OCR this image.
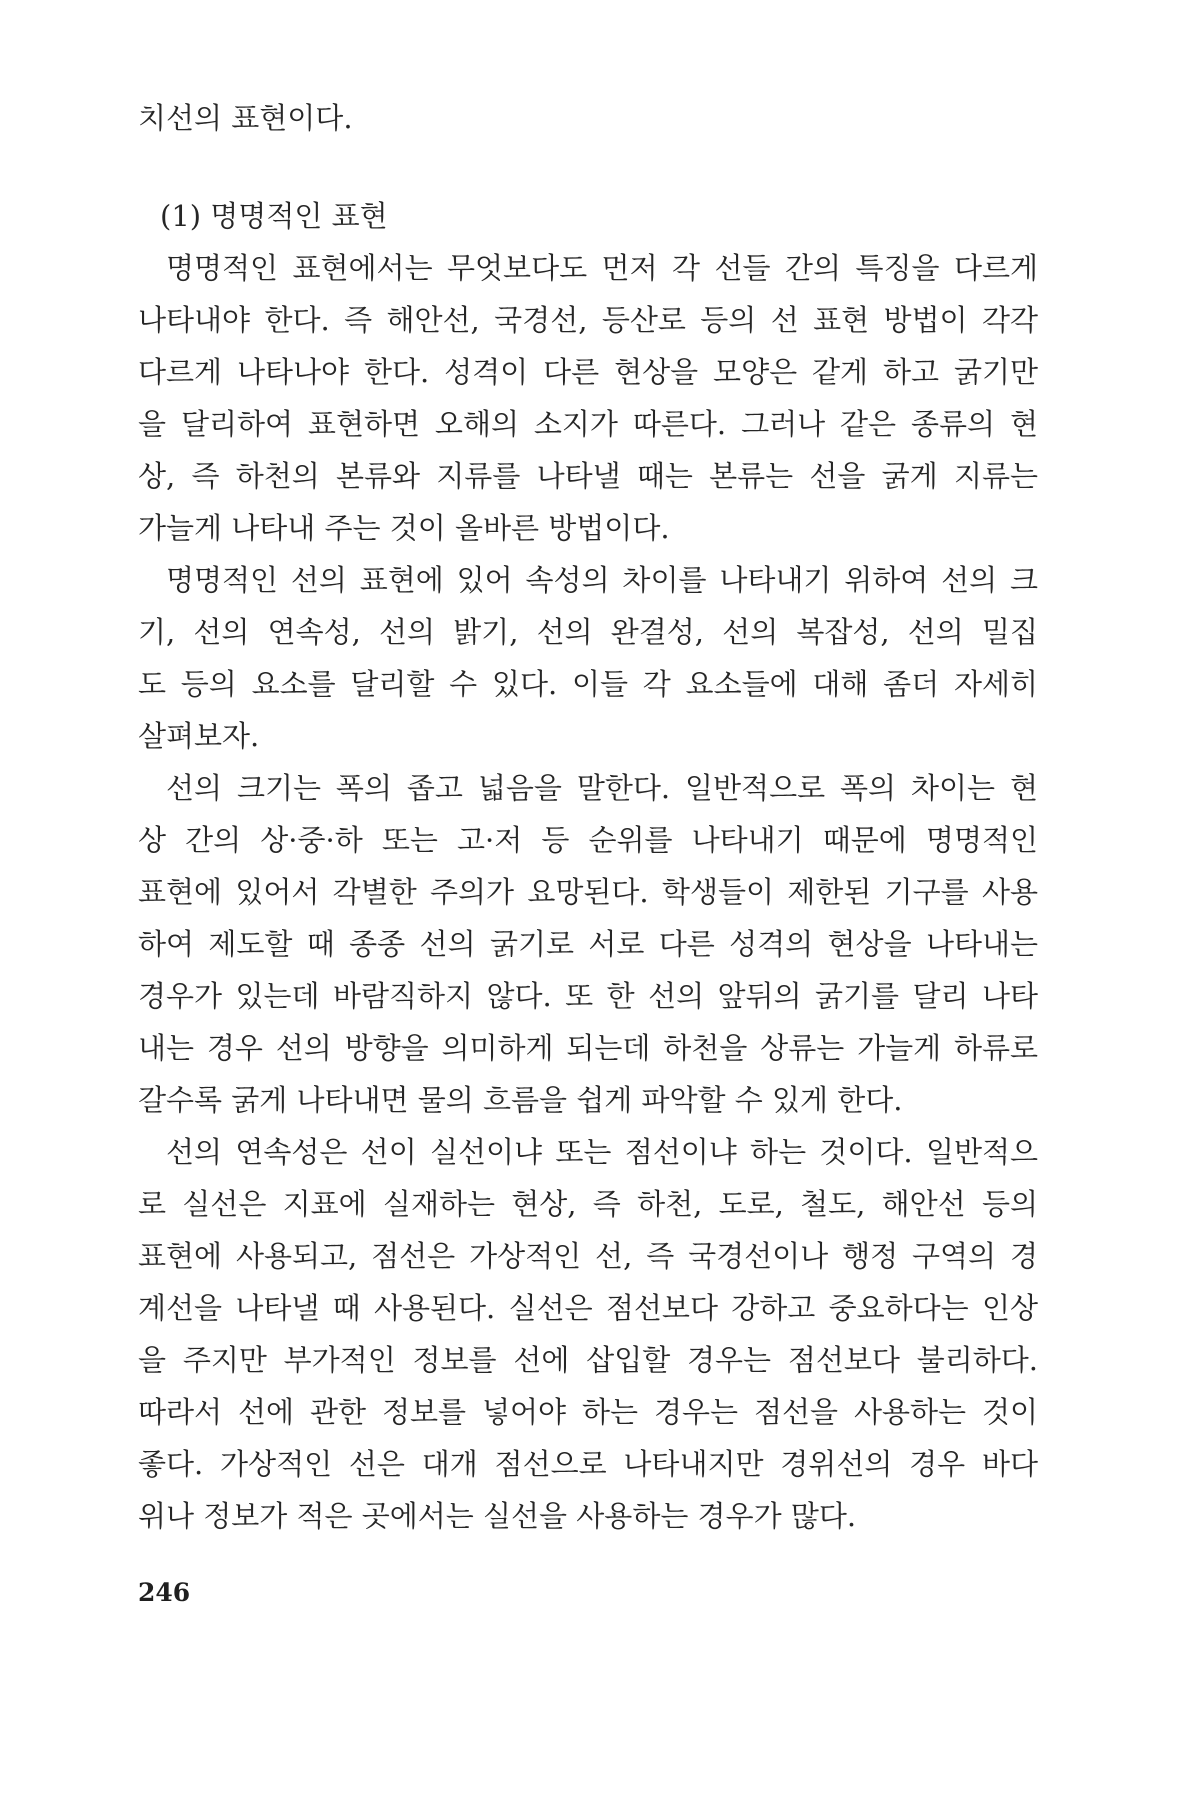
치선의 표현이다.
(1) 명명적인 표현
명명적인 표현에서는 무엇보다도 먼저 각 선들 간의 특징을 다르게
나타내야 한다. 즉 해안선, 국경선, 등산로 등의 선 표현 방법이 각각
다르게 나타나야 한다. 성격이 다른 현상을 모양은 같게 하고 굵기만
을 달리하여 표현하면 오해의 소지가 따른다. 그러나 같은 종류의 현
상, 즉 하천의 본류와 지류를 나타낼 때는 본류는 선을 굵게 지류는
가늘게 나타내 주는 것이 올바른 방법이다.
명명적인 선의 표현에 있어 속성의 차이를 나타내기 위하여 선의 크
기, 선의 연속성, 선의 밝기, 선의 완결성, 선의 복잡성, 선의 밀집
도 등의 요소를 달리할 수 있다. 이들 각 요소들에 대해 좀더 자세히
살펴보자.
선의 크기는 폭의 좁고 넓음을 말한다. 일반적으로 폭의 차이는 현
상 간의 상·중·하 또는 고·저 등 순위를 나타내기 때문에 명명적인
표현에 있어서 각별한 주의가 요망된다. 학생들이 제한된 기구를 사용
하여 제도할 때 종종 선의 굵기로 서로 다른 성격의 현상을 나타내는
경우가 있는데 바람직하지 않다. 또 한 선의 앞뒤의 굵기를 달리 나타
내는 경우 선의 방향을 의미하게 되는데 하천을 상류는 가늘게 하류로
갈수록 굵게 나타내면 물의 흐름을 쉽게 파악할 수 있게 한다.
선의 연속성은 선이 실선이냐 또는 점선이냐 하는 것이다. 일반적으
로 실선은 지표에 실재하는 현상, 즉 하천, 도로, 철도, 해안선 등의
표현에 사용되고, 점선은 가상적인 선, 즉 국경선이나 행정 구역의 경
계선을 나타낼 때 사용된다. 실선은 점선보다 강하고 중요하다는 인상
을 주지만 부가적인 정보를 선에 삽입할 경우는 점선보다 불리하다.
따라서 선에 관한 정보를 넣어야 하는 경우는 점선을 사용하는 것이
좋다. 가상적인 선은 대개 점선으로 나타내지만 경위선의 경우 바다
위나 정보가 적은 곳에서는 실선을 사용하는 경우가 많다.
246
